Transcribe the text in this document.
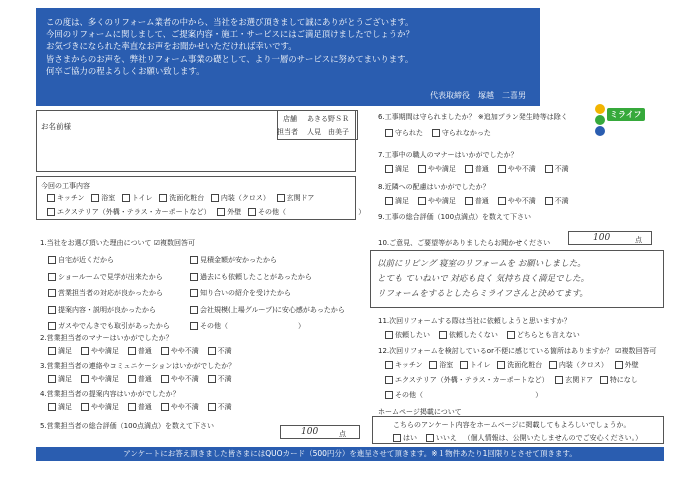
この度は、多くのリフォーム業者の中から、当社をお選び頂きまして誠にありがとうございます。
今回のリフォームに関しまして、ご提案内容・施工・サービスにはご満足頂けましたでしょうか？
お気づきになられた率直なお声をお聞かせいただければ幸いです。
皆さまからのお声を、弊社リフォーム事業の礎として、より一層のサービスに努めてまいります。
何卒ご協力の程よろしくお願い致します。
代表取締役　塚越　二喜男
ミライフ
お名前様
店舗 あきる野ＳＲ
担当者 人見　由美子
今回の工事内容
キッチン 浴室 トイレ 洗面化粧台 内装（クロス） 玄関ドア
エクステリア（外構・テラス・カーポートなど） 外壁 その他（	）
1.当社をお選び頂いた理由について ☑複数回答可
自宅が近くだから
ショールームで見学が出来たから
営業担当者の対応が良かったから
提案内容・説明が良かったから
ガスやでんきでも取引があったから
見積金額が安かったから
過去にも依頼したことがあったから
知り合いの紹介を受けたから
会社規模(上場グループ)に安心感があったから
その他（	）
2.営業担当者のマナーはいかがでしたか？
満足	やや満足	普通	やや不満	不満
3.営業担当者の連絡やコミュニケーションはいかがでしたか？
満足	やや満足	普通	やや不満	不満
4.営業担当者の提案内容はいかがでしたか？
満足	やや満足	普通	やや不満	不満
5.営業担当者の総合評価（100点満点）を数えて下さい
100	点
6.工事期間は守られましたか？ ※追加プラン発生時等は除く
守られた	守られなかった
7.工事中の職人のマナーはいかがでしたか？
満足	やや満足	普通	やや不満	不満
8.近隣への配慮はいかがでしたか？
満足	やや満足	普通	やや不満	不満
9.工事の総合評価（100点満点）を数えて下さい
10.ご意見、ご要望等がありましたらお聞かせください	100	点
以前にリビング 寝室のリフォームを お願いしました。
とても ていねいで 対応も良く 気持ち良く満足でした。
リフォームをするとしたらミライフさんと決めてます。
11.次回リフォームする際は当社に依頼しようと思いますか？
依頼したい	依頼したくない	どちらとも言えない
12.次回リフォームを検討しているor不便に感じている箇所はありますか？ ☑複数回答可
キッチン 浴室 トイレ 洗面化粧台 内装（クロス） 外壁
エクステリア（外構・テラス・カーポートなど） 玄関ドア 特になし
その他（	）
ホームページ掲載について
こちらのアンケート内容をホームページに掲載してもよろしいでしょうか。
はい	いいえ （個人情報は、公開いたしませんのでご安心ください。）
アンケートにお答え頂きました皆さまにはQUOカード（500円分）を進呈させて頂きます。※１物件あたり1回限りとさせて頂きます。
